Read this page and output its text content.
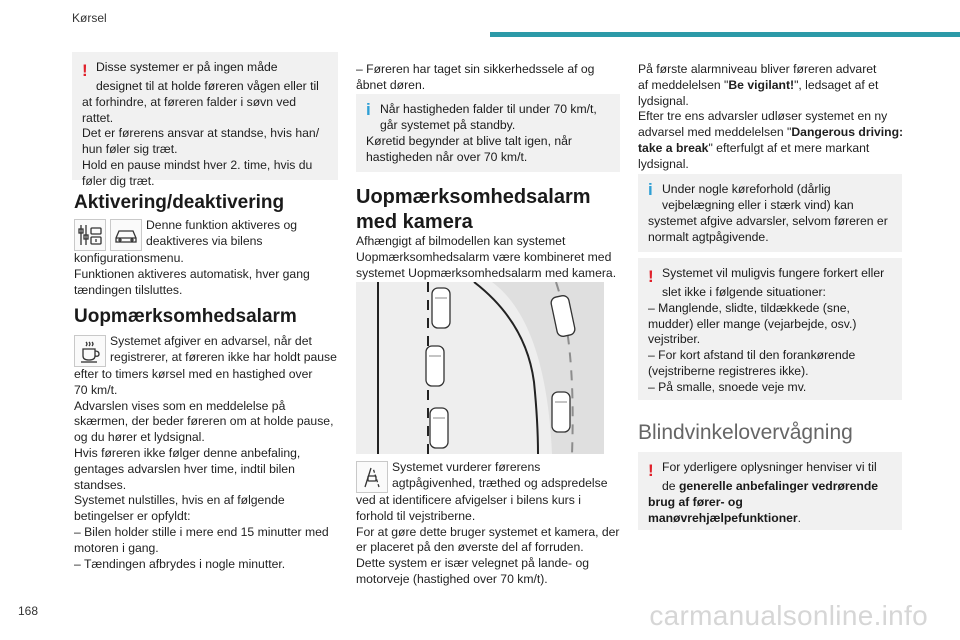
Kørsel
! Disse systemer er på ingen måde
designet til at holde føreren vågen eller til

at forhindre, at føreren falder i søvn ved rattet.

Det er førerens ansvar at standse, hvis han/

hun føler sig træt.

Hold en pause mindst hver 2. time, hvis du

føler dig træt.

Aktivering/deaktivering

Denne funktion aktiveres og

deaktiveres via bilens

konfigurationsmenu.

Funktionen aktiveres automatisk, hver gang

tændingen tilsluttes.

Uopmærksomhedsalarm

Systemet afgiver en advarsel, når det

registrerer, at føreren ikke har holdt pause

efter to timers kørsel med en hastighed over

70 km/t.

Advarslen vises som en meddelelse på

skærmen, der beder føreren om at holde pause,

og du hører et lydsignal.

Hvis føreren ikke følger denne anbefaling,

gentages advarslen hver time, indtil bilen

standses.

Systemet nulstilles, hvis en af følgende

betingelser er opfyldt:

– Bilen holder stille i mere end 15 minutter med

motoren i gang.

– Tændingen afbrydes i nogle minutter.

– Føreren har taget sin sikkerhedssele af og

åbnet døren.

i Når hastigheden falder til under 70 km/t,
går systemet på standby.
Køretid begynder at blive talt igen, når
hastigheden når over 70 km/t.
Uopmærksomhedsalarm
med kamera

Afhængigt af bilmodellen kan systemet

Uopmærksomhedsalarm være kombineret med

systemet Uopmærksomhedsalarm med kamera.

Systemet vurderer førerens

agtpågivenhed, træthed og adspredelse

ved at identificere afvigelser i bilens kurs i

forhold til vejstriberne.

For at gøre dette bruger systemet et kamera, der

er placeret på den øverste del af forruden.

Dette system er især velegnet på lande- og

motorveje (hastighed over 70 km/t).

På første alarmniveau bliver føreren advaret

af meddelelsen "Be vigilant!", ledsaget af et

lydsignal.

Efter tre ens advarsler udløser systemet en ny

advarsel med meddelelsen "Dangerous driving:

take a break" efterfulgt af et mere markant

lydsignal.

i Under nogle køreforhold (dårlig
vejbelægning eller i stærk vind) kan
systemet afgive advarsler, selvom føreren er
normalt agtpågivende.
! Systemet vil muligvis fungere forkert eller
slet ikke i følgende situationer:
– Manglende, slidte, tildækkede (sne,
mudder) eller mange (vejarbejde, osv.)
vejstriber.
– For kort afstand til den forankørende
(vejstriberne registreres ikke).
– På smalle, snoede veje mv.
Blindvinkelovervågning
! For yderligere oplysninger henviser vi til
de generelle anbefalinger vedrørende
brug af fører- og
manøvrehjælpefunktioner.
168	carmanualsonline.info
